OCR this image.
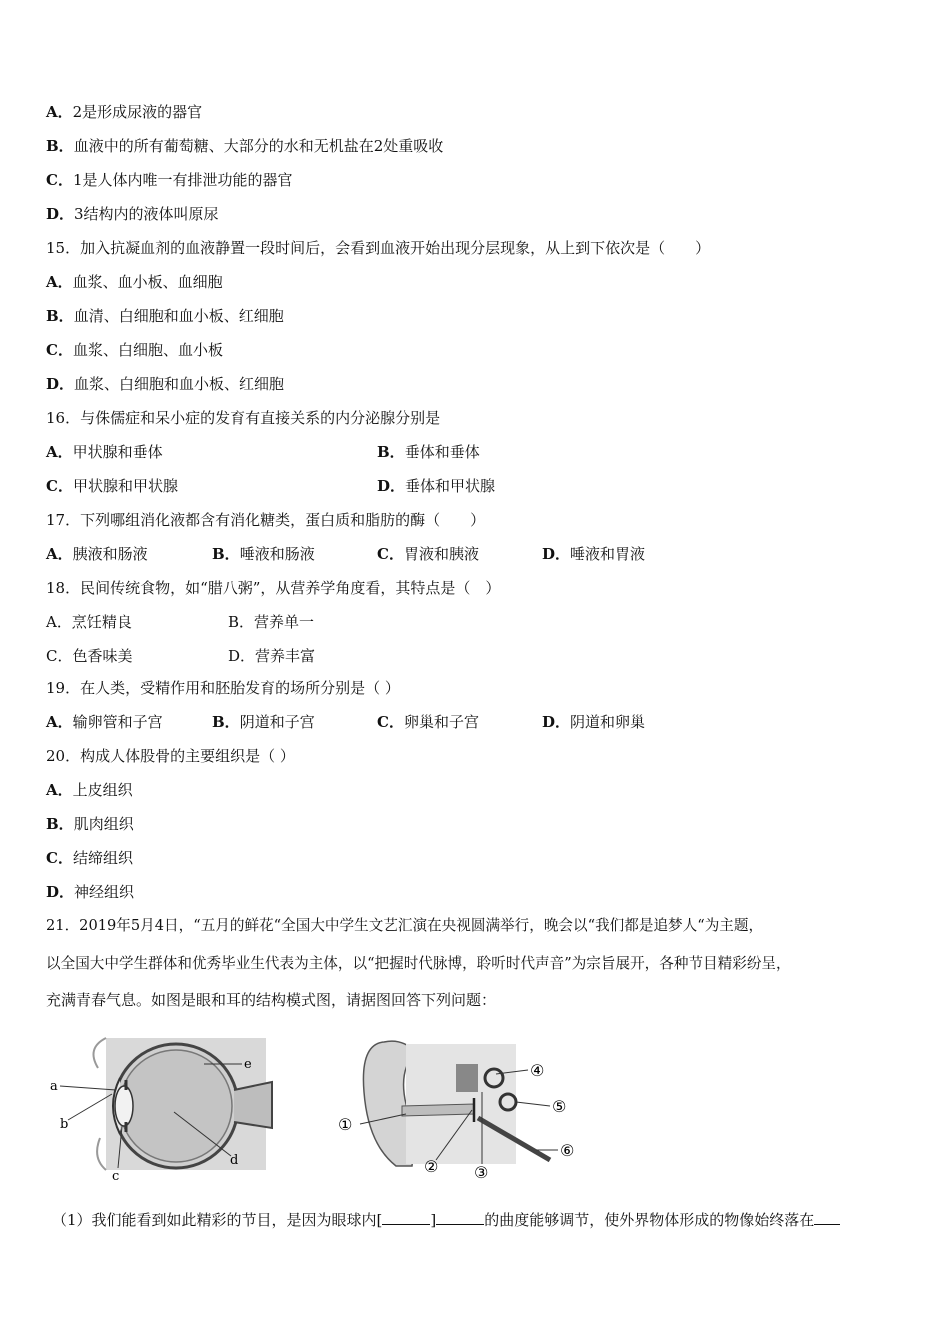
A．2是形成尿液的器官
B．血液中的所有葡萄糖、大部分的水和无机盐在2处重吸收
C．1是人体内唯一有排泄功能的器官
D．3结构内的液体叫原尿
15．加入抗凝血剂的血液静置一段时间后，会看到血液开始出现分层现象，从上到下依次是（　　）
A．血浆、血小板、血细胞
B．血清、白细胞和血小板、红细胞
C．血浆、白细胞、血小板
D．血浆、白细胞和血小板、红细胞
16．与侏儒症和呆小症的发育有直接关系的内分泌腺分别是
A．甲状腺和垂体	B．垂体和垂体
C．甲状腺和甲状腺	D．垂体和甲状腺
17．下列哪组消化液都含有消化糖类，蛋白质和脂肪的酶（　　）
A．胰液和肠液	B．唾液和肠液	C．胃液和胰液	D．唾液和胃液
18．民间传统食物，如“腊八粥”，从营养学角度看，其特点是（　）
A．烹饪精良	B．营养单一
C．色香味美	D．营养丰富
19．在人类，受精作用和胚胎发育的场所分别是（ ）
A．输卵管和子宫	B．阴道和子宫	C．卵巢和子宫	D．阴道和卵巢
20．构成人体股骨的主要组织是（ ）
A．上皮组织
B．肌肉组织
C．结缔组织
D．神经组织
21．2019年5月4日，“五月的鲜花“全国大中学生文艺汇演在央视圆满举行，晚会以“我们都是追梦人“为主题，
以全国大中学生群体和优秀毕业生代表为主体，以“把握时代脉博，聆听时代声音”为宗旨展开，各种节目精彩纷呈，
充满青春气息。如图是眼和耳的结构模式图，请据图回答下列问题：
a
b
c
d
e
①
② ③
④
⑤
⑥
（1）我们能看到如此精彩的节目，是因为眼球内[	]	的曲度能够调节，使外界物体形成的物像始终落在
